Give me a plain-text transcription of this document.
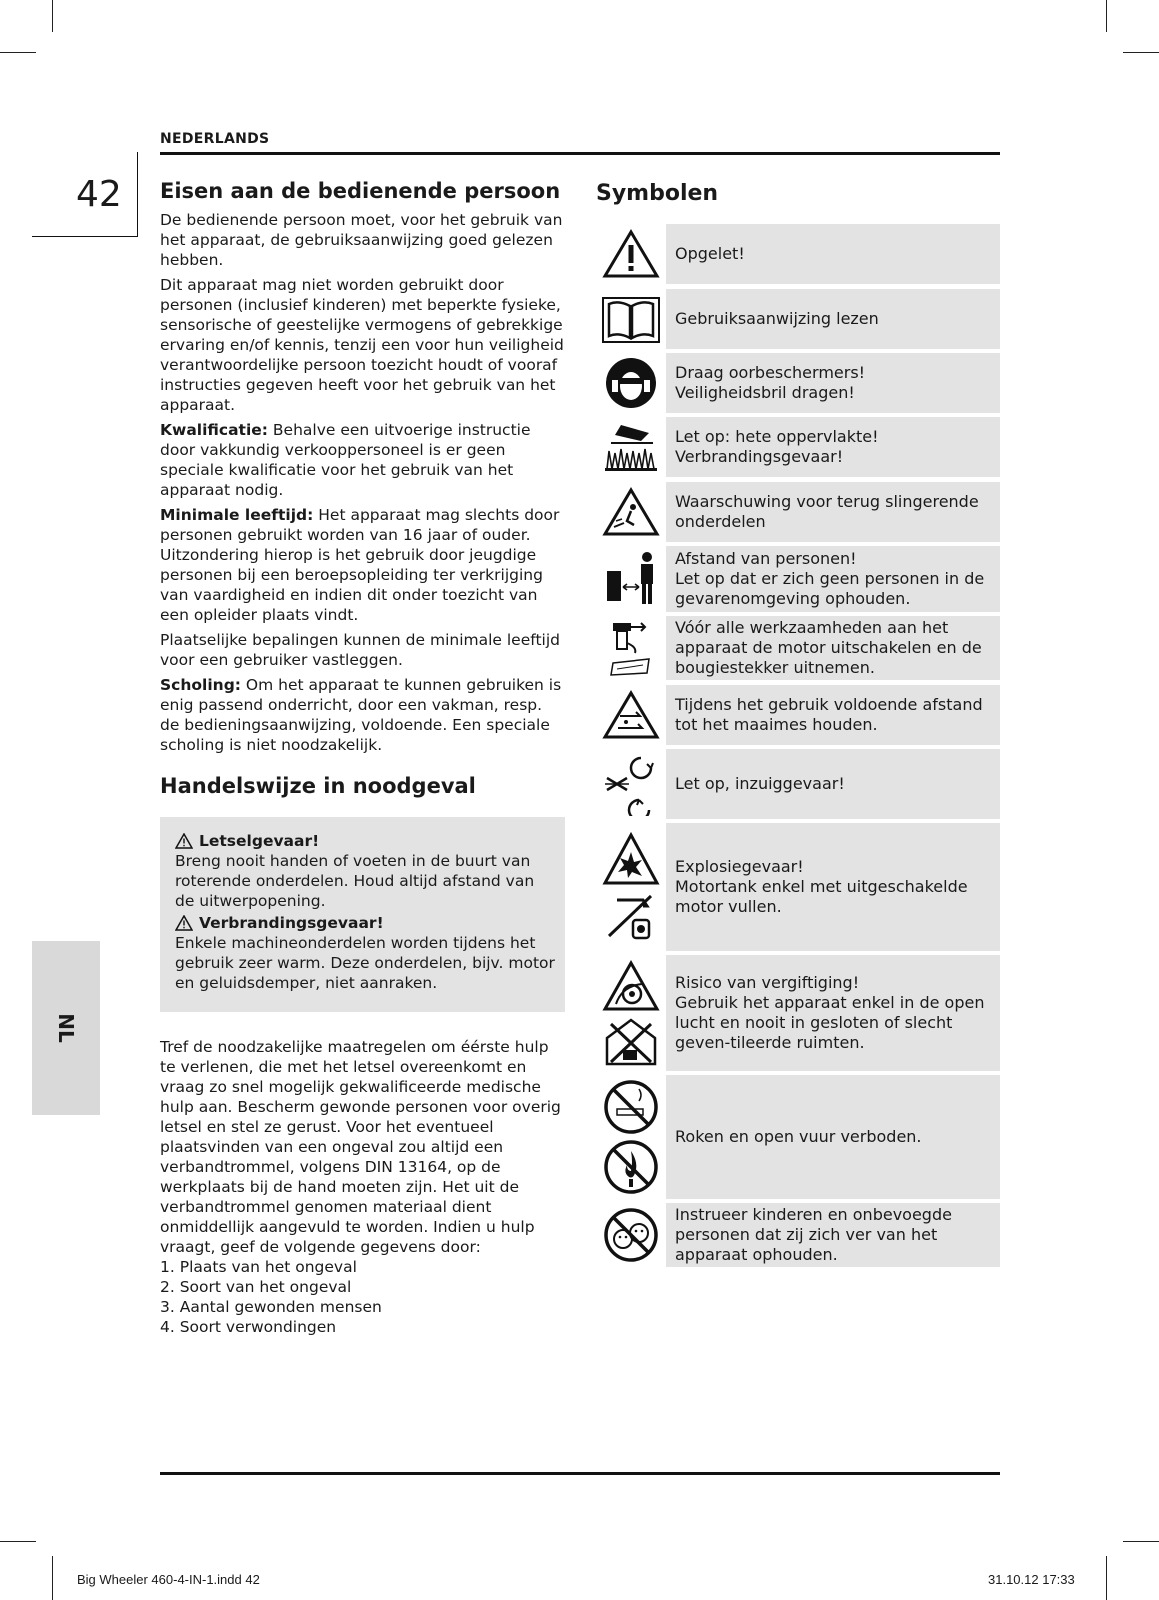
NEDERLANDS
42
NL
Eisen aan de bedienende persoon

De bedienende persoon moet, voor het gebruik van het apparaat, de gebruiksaanwijzing goed gelezen hebben.

Dit apparaat mag niet worden gebruikt door personen (inclusief kinderen) met beperkte fysieke, sensorische of geestelijke vermogens of gebrekkige ervaring en/of kennis, tenzij een voor hun veiligheid verantwoordelijke persoon toezicht houdt of vooraf instructies gegeven heeft voor het gebruik van het apparaat.

Kwalificatie: Behalve een uitvoerige instructie door vakkundig verkooppersoneel is er geen speciale kwalificatie voor het gebruik van het apparaat nodig.

Minimale leeftijd: Het apparaat mag slechts door personen gebruikt worden van 16 jaar of ouder. Uitzondering hierop is het gebruik door jeugdige personen bij een beroepsopleiding ter verkrijging van vaardigheid en indien dit onder toezicht van een opleider plaats vindt.

Plaatselijke bepalingen kunnen de minimale leeftijd voor een gebruiker vastleggen.

Scholing: Om het apparaat te kunnen gebruiken is enig passend onderricht, door een vakman, resp. de bedieningsaanwijzing, voldoende. Een speciale scholing is niet noodzakelijk.

Handelswijze in noodgeval
Letselgevaar!
Breng nooit handen of voeten in de buurt van roterende onderdelen. Houd altijd afstand van de uitwerpopening.
Verbrandingsgevaar!
Enkele machineonderdelen worden tijdens het gebruik zeer warm. Deze onderdelen, bijv. motor en geluidsdemper, niet aanraken.

Tref de noodzakelijke maatregelen om éérste hulp te verlenen, die met het letsel overeenkomt en vraag zo snel mogelijk gekwalificeerde medische hulp aan. Bescherm gewonde personen voor overig letsel en stel ze gerust. Voor het eventueel plaatsvinden van een ongeval zou altijd een verbandtrommel, volgens DIN 13164, op de werkplaats bij de hand moeten zijn. Het uit de verbandtrommel genomen materiaal dient onmiddellijk aangevuld te worden. Indien u hulp vraagt, geef de volgende gegevens door:

1. Plaats van het ongeval

2. Soort van het ongeval

3. Aantal gewonden mensen

4. Soort verwondingen

Symbolen
Opgelet!
Gebruiksaanwijzing lezen
Draag oorbeschermers!
Veiligheidsbril dragen!
Let op: hete oppervlakte!
Verbrandingsgevaar!
Waarschuwing voor terug slingerende onderdelen
Afstand van personen!
Let op dat er zich geen personen in de gevarenomgeving ophouden.
Vóór alle werkzaamheden aan het apparaat de motor uitschakelen en de bougiestekker uitnemen.
Tijdens het gebruik voldoende afstand tot het maaimes houden.
Let op, inzuiggevaar!
Explosiegevaar!
Motortank enkel met uitgeschakelde motor vullen.
Risico van vergiftiging!
Gebruik het apparaat enkel in de open lucht en nooit in gesloten of slecht geven-tileerde ruimten.
Roken en open vuur verboden.
Instrueer kinderen en onbevoegde personen dat zij zich ver van het apparaat ophouden.
Big Wheeler 460-4-IN-1.indd 42	31.10.12 17:33
